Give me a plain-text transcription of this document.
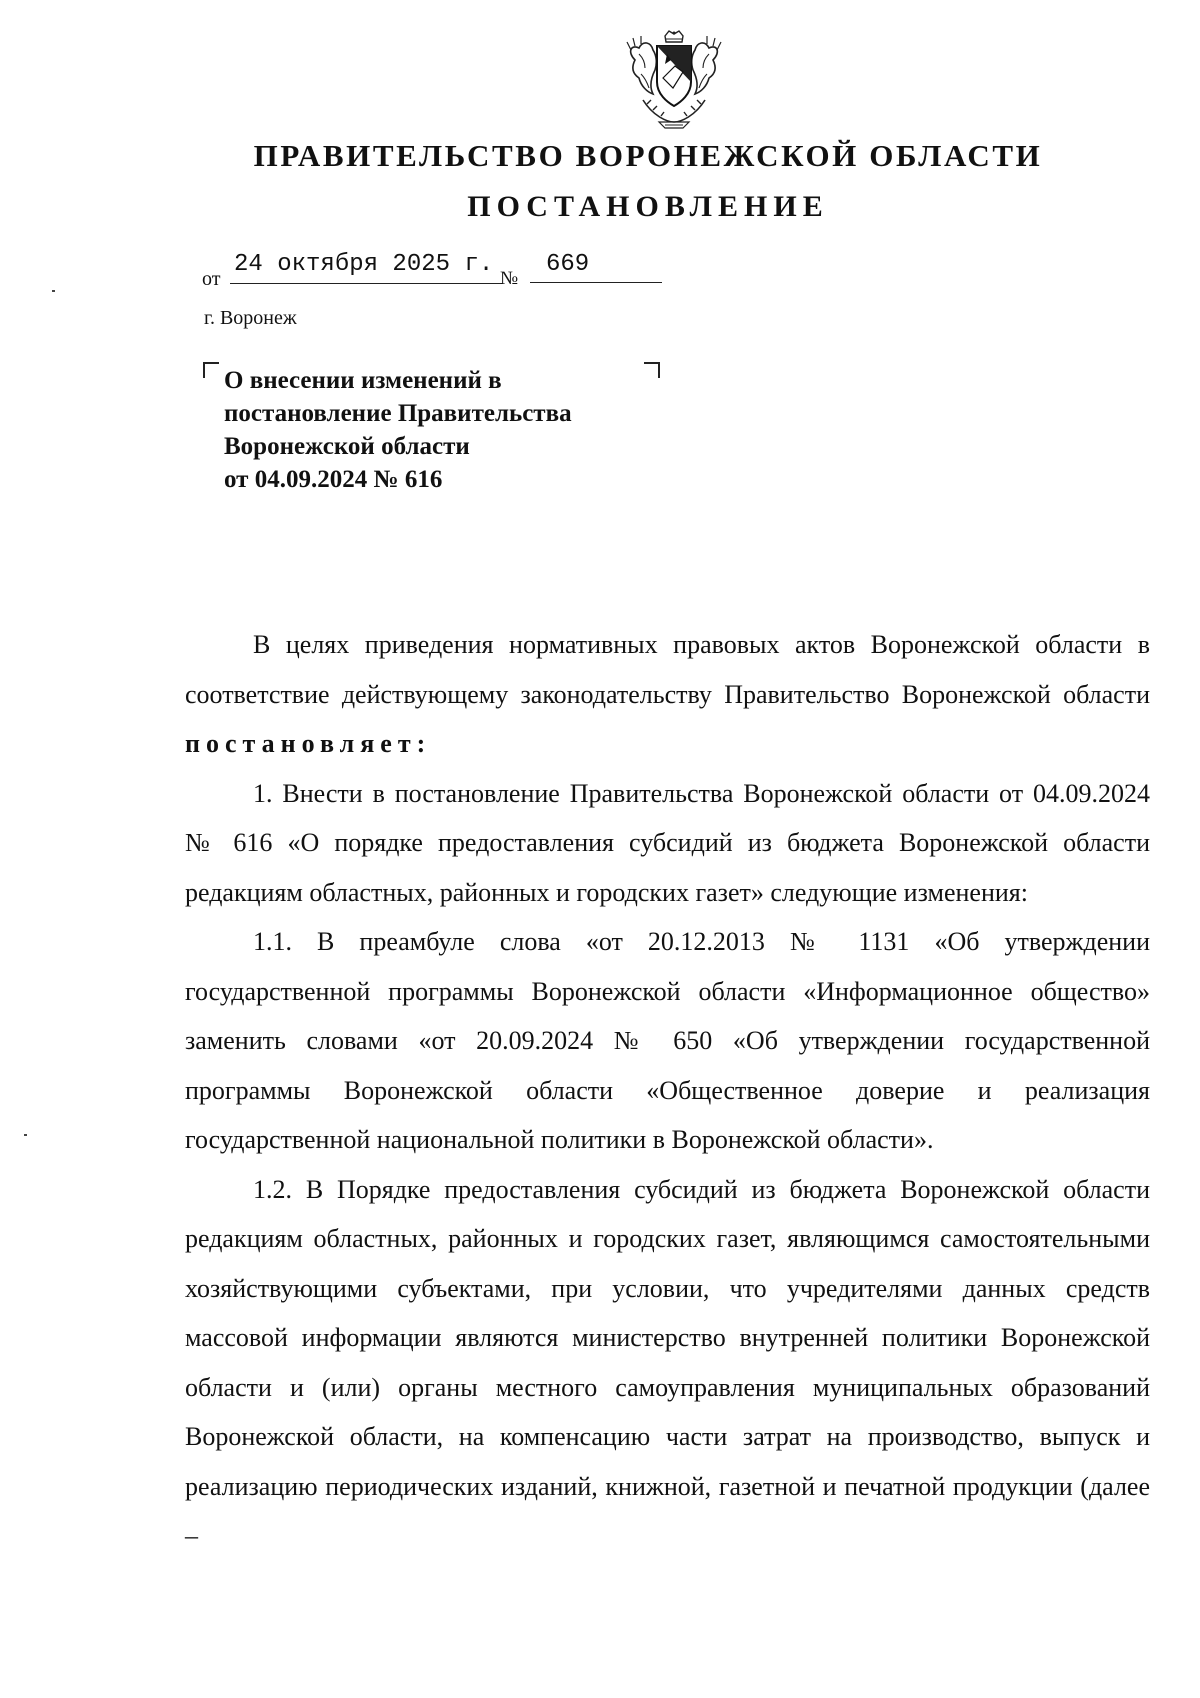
ПРАВИТЕЛЬСТВО ВОРОНЕЖСКОЙ ОБЛАСТИ
ПОСТАНОВЛЕНИЕ
от
24 октября 2025 г.
№
669
г. Воронеж
О внесении изменений в
постановление Правительства
Воронежской области
от 04.09.2024 № 616

В целях приведения нормативных правовых актов Воронежской области в соответствие действующему законодательству Правительство Воронежской области постановляет:

1. Внести в постановление Правительства Воронежской области от 04.09.2024 № 616 «О порядке предоставления субсидий из бюджета Воронежской области редакциям областных, районных и городских газет» следующие изменения:

1.1. В преамбуле слова «от 20.12.2013 № 1131 «Об утверждении государственной программы Воронежской области «Информационное общество» заменить словами «от 20.09.2024 № 650 «Об утверждении государственной программы Воронежской области «Общественное доверие и реализация государственной национальной политики в Воронежской области».

1.2. В Порядке предоставления субсидий из бюджета Воронежской области редакциям областных, районных и городских газет, являющимся самостоятельными хозяйствующими субъектами, при условии, что учредителями данных средств массовой информации являются министерство внутренней политики Воронежской области и (или) органы местного самоуправления муниципальных образований Воронежской области, на компенсацию части затрат на производство, выпуск и реализацию периодических изданий, книжной, газетной и печатной продукции (далее –
